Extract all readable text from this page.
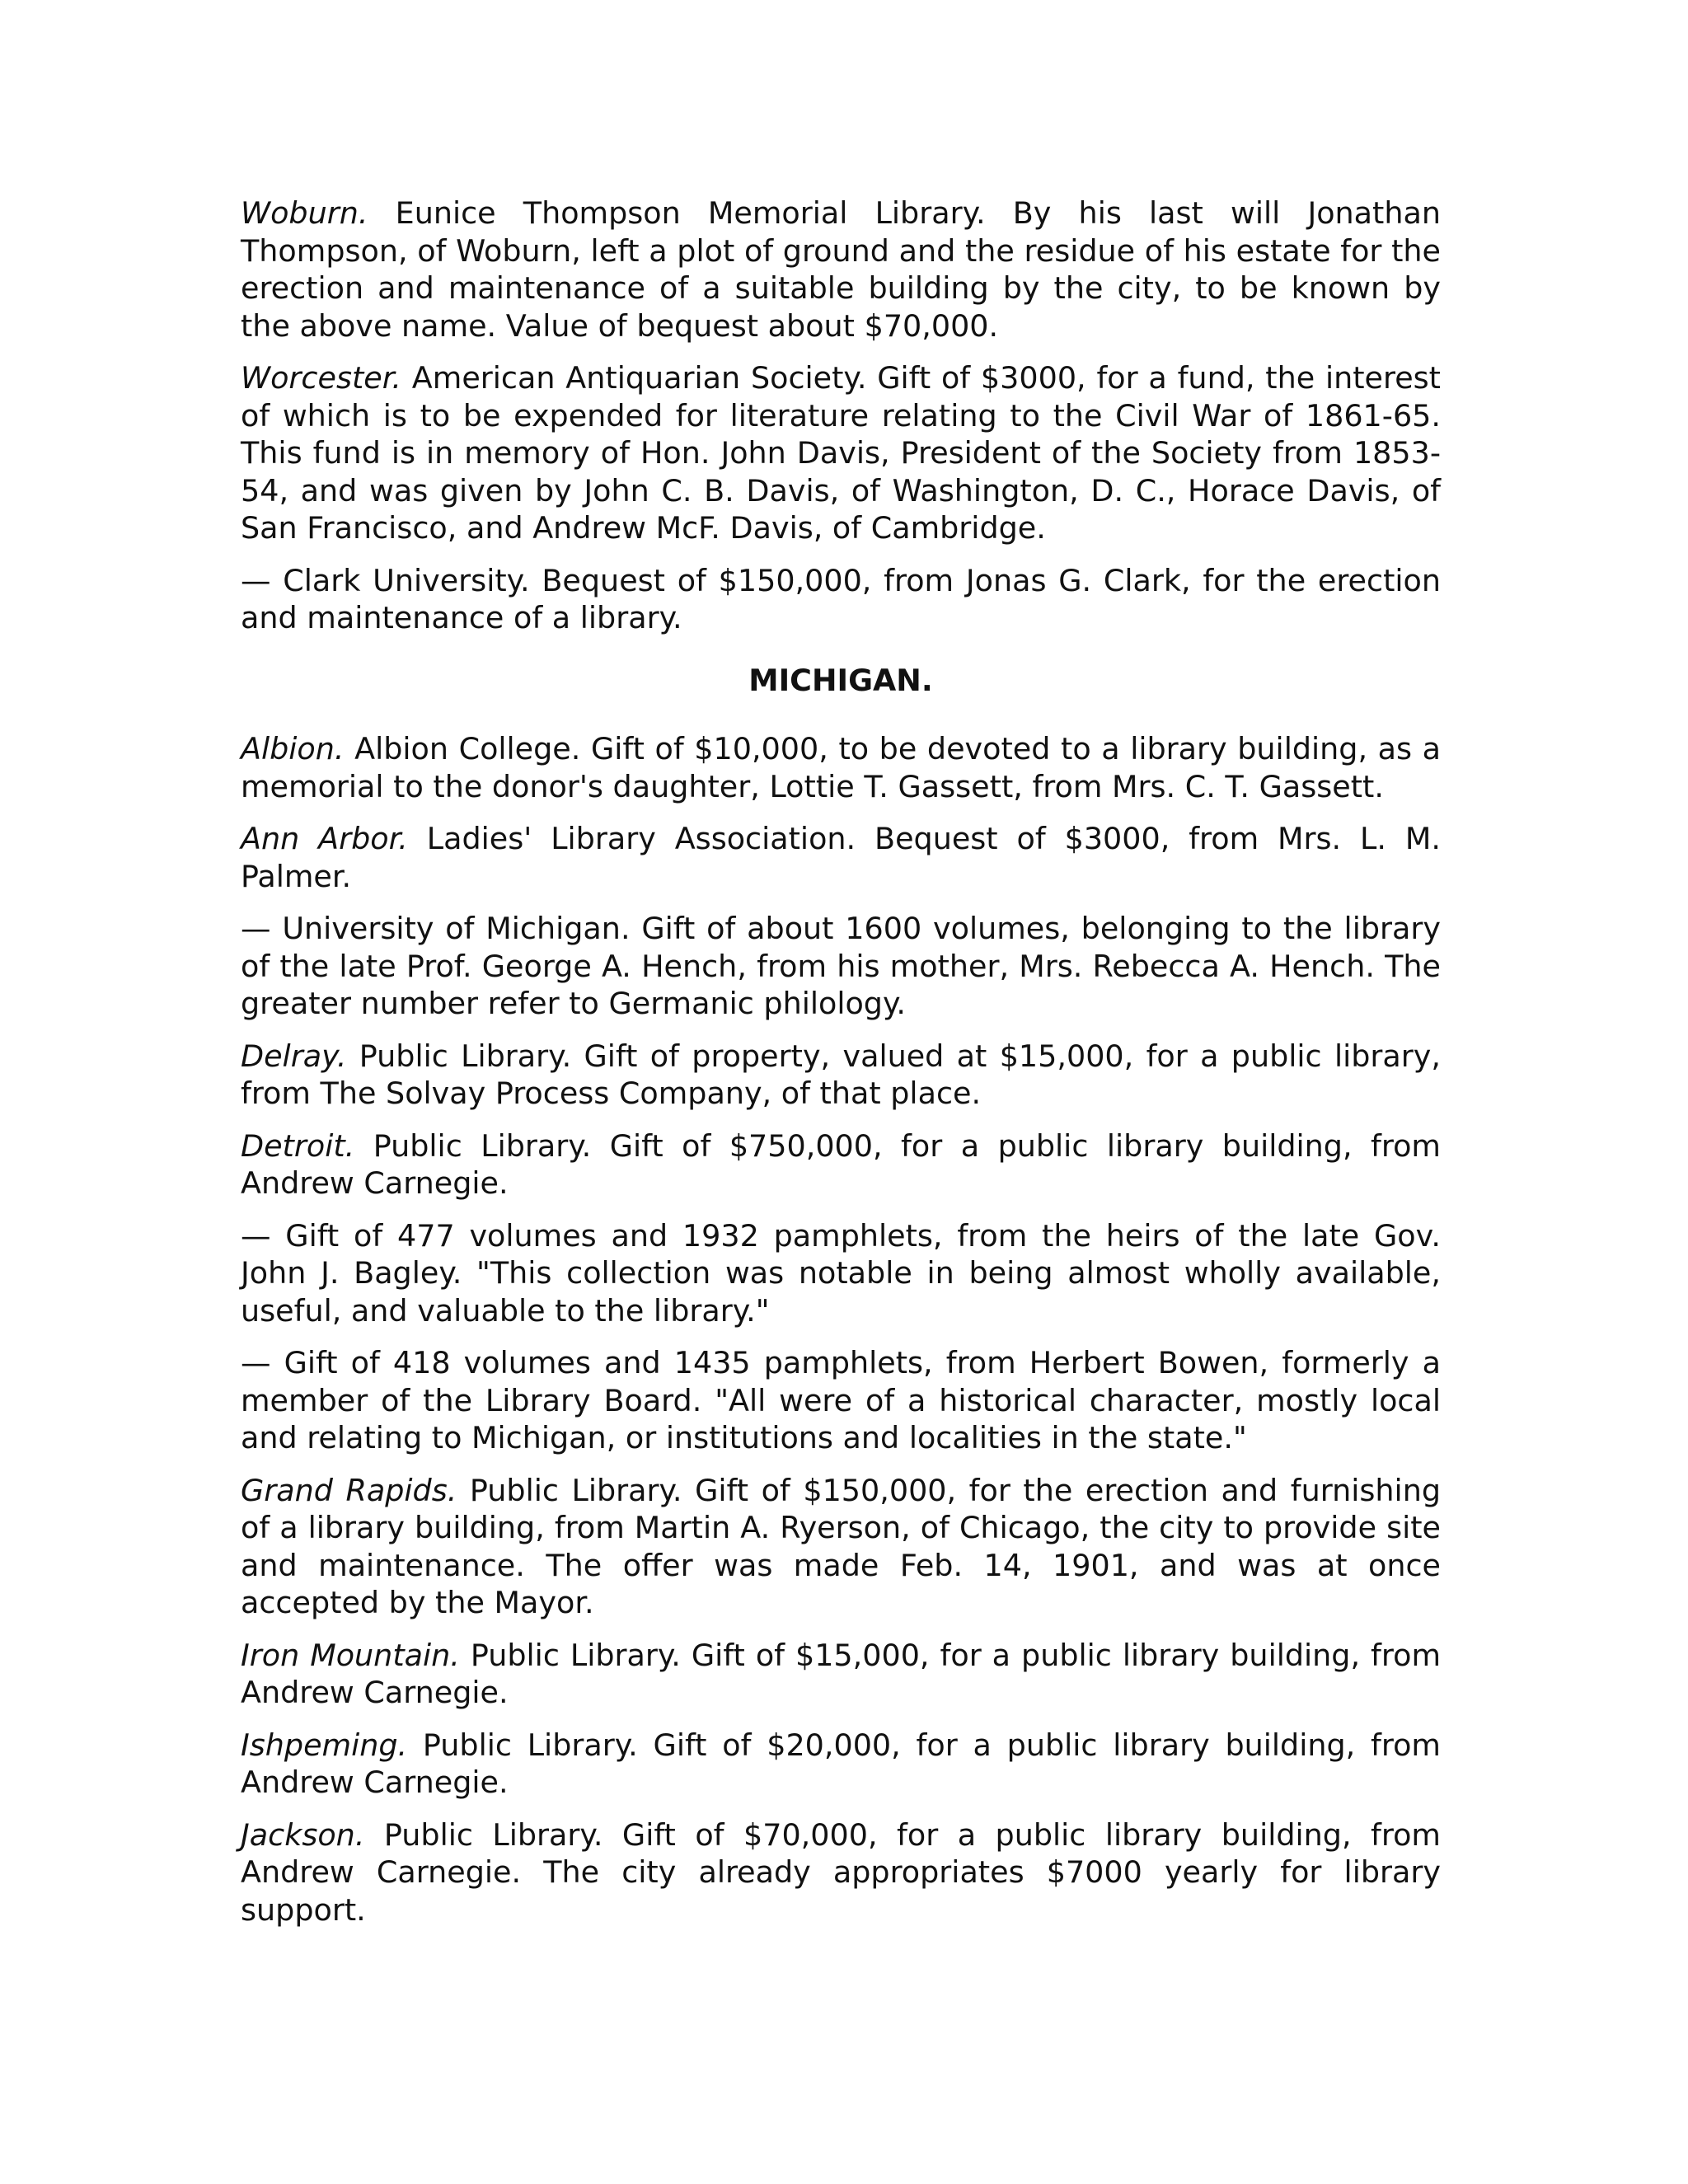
Woburn. Eunice Thompson Memorial Library. By his last will Jonathan Thompson, of Woburn, left a plot of ground and the residue of his estate for the erection and maintenance of a suitable building by the city, to be known by the above name. Value of bequest about $70,000.

Worcester. American Antiquarian Society. Gift of $3000, for a fund, the interest of which is to be expended for literature relating to the Civil War of 1861-65. This fund is in memory of Hon. John Davis, President of the Society from 1853-54, and was given by John C. B. Davis, of Washington, D. C., Horace Davis, of San Francisco, and Andrew McF. Davis, of Cambridge.

— Clark University. Bequest of $150,000, from Jonas G. Clark, for the erection and maintenance of a library.

MICHIGAN.

Albion. Albion College. Gift of $10,000, to be devoted to a library building, as a memorial to the donor's daughter, Lottie T. Gassett, from Mrs. C. T. Gassett.

Ann Arbor. Ladies' Library Association. Bequest of $3000, from Mrs. L. M. Palmer.

— University of Michigan. Gift of about 1600 volumes, belonging to the library of the late Prof. George A. Hench, from his mother, Mrs. Rebecca A. Hench. The greater number refer to Germanic philology.

Delray. Public Library. Gift of property, valued at $15,000, for a public library, from The Solvay Process Company, of that place.

Detroit. Public Library. Gift of $750,000, for a public library building, from Andrew Carnegie.

— Gift of 477 volumes and 1932 pamphlets, from the heirs of the late Gov. John J. Bagley. "This collection was notable in being almost wholly available, useful, and valuable to the library."

— Gift of 418 volumes and 1435 pamphlets, from Herbert Bowen, formerly a member of the Library Board. "All were of a historical character, mostly local and relating to Michigan, or institutions and localities in the state."

Grand Rapids. Public Library. Gift of $150,000, for the erection and furnishing of a library building, from Martin A. Ryerson, of Chicago, the city to provide site and maintenance. The offer was made Feb. 14, 1901, and was at once accepted by the Mayor.

Iron Mountain. Public Library. Gift of $15,000, for a public library building, from Andrew Carnegie.

Ishpeming. Public Library. Gift of $20,000, for a public library building, from Andrew Carnegie.

Jackson. Public Library. Gift of $70,000, for a public library building, from Andrew Carnegie. The city already appropriates $7000 yearly for library support.
